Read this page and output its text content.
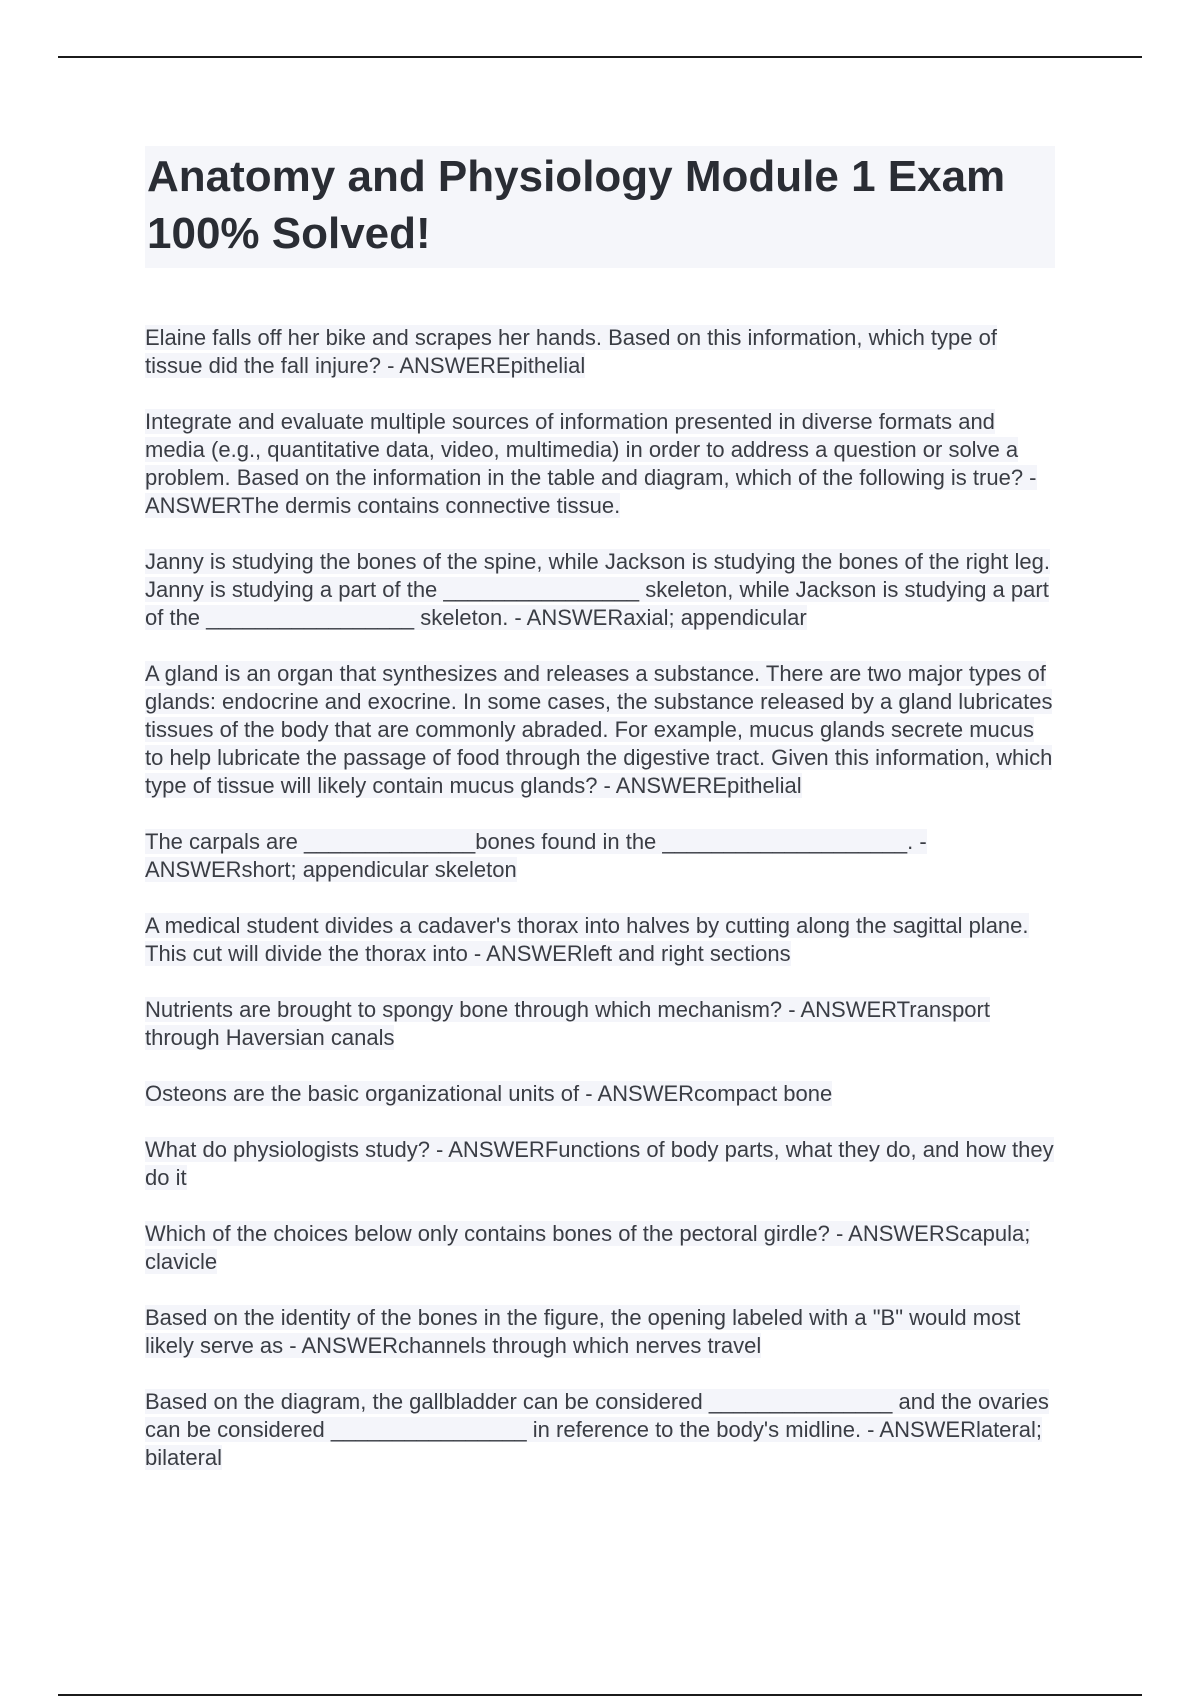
Anatomy and Physiology Module 1 Exam 100% Solved!

Elaine falls off her bike and scrapes her hands. Based on this information, which type of tissue did the fall injure? - ANSWEREpithelial

Integrate and evaluate multiple sources of information presented in diverse formats and media (e.g., quantitative data, video, multimedia) in order to address a question or solve a problem. Based on the information in the table and diagram, which of the following is true? - ANSWERThe dermis contains connective tissue.

Janny is studying the bones of the spine, while Jackson is studying the bones of the right leg. Janny is studying a part of the ________________ skeleton, while Jackson is studying a part of the _________________ skeleton. - ANSWERaxial; appendicular

A gland is an organ that synthesizes and releases a substance. There are two major types of glands: endocrine and exocrine. In some cases, the substance released by a gland lubricates tissues of the body that are commonly abraded. For example, mucus glands secrete mucus to help lubricate the passage of food through the digestive tract. Given this information, which type of tissue will likely contain mucus glands? - ANSWEREpithelial

The carpals are ______________bones found in the ____________________. - ANSWERshort; appendicular skeleton

A medical student divides a cadaver's thorax into halves by cutting along the sagittal plane. This cut will divide the thorax into - ANSWERleft and right sections

Nutrients are brought to spongy bone through which mechanism? - ANSWERTransport through Haversian canals

Osteons are the basic organizational units of - ANSWERcompact bone

What do physiologists study? - ANSWERFunctions of body parts, what they do, and how they do it

Which of the choices below only contains bones of the pectoral girdle? - ANSWERScapula; clavicle

Based on the identity of the bones in the figure, the opening labeled with a "B" would most likely serve as - ANSWERchannels through which nerves travel

Based on the diagram, the gallbladder can be considered _______________ and the ovaries can be considered ________________ in reference to the body's midline. - ANSWERlateral; bilateral
